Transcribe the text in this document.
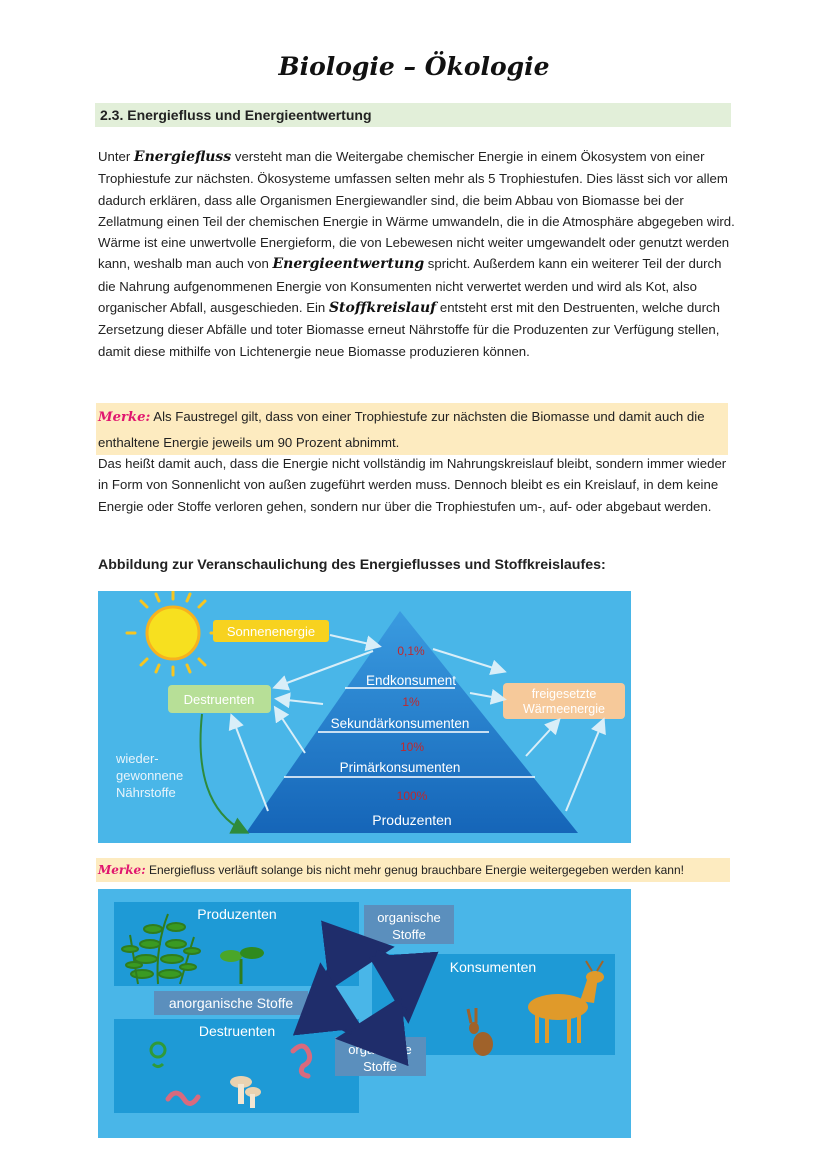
Biologie – Ökologie
2.3. Energiefluss und Energieentwertung
Unter Energiefluss versteht man die Weitergabe chemischer Energie in einem Ökosystem von einer Trophiestufe zur nächsten. Ökosysteme umfassen selten mehr als 5 Trophiestufen. Dies lässt sich vor allem dadurch erklären, dass alle Organismen Energiewandler sind, die beim Abbau von Biomasse bei der Zellatmung einen Teil der chemischen Energie in Wärme umwandeln, die in die Atmosphäre abgegeben wird. Wärme ist eine unwertvolle Energieform, die von Lebewesen nicht weiter umgewandelt oder genutzt werden kann, weshalb man auch von Energieentwertung spricht. Außerdem kann ein weiterer Teil der durch die Nahrung aufgenommenen Energie von Konsumenten nicht verwertet werden und wird als Kot, also organischer Abfall, ausgeschieden. Ein Stoffkreislauf entsteht erst mit den Destruenten, welche durch Zersetzung dieser Abfälle und toter Biomasse erneut Nährstoffe für die Produzenten zur Verfügung stellen, damit diese mithilfe von Lichtenergie neue Biomasse produzieren können.
Merke: Als Faustregel gilt, dass von einer Trophiestufe zur nächsten die Biomasse und damit auch die enthaltene Energie jeweils um 90 Prozent abnimmt.
Das heißt damit auch, dass die Energie nicht vollständig im Nahrungskreislauf bleibt, sondern immer wieder in Form von Sonnenlicht von außen zugeführt werden muss. Dennoch bleibt es ein Kreislauf, in dem keine Energie oder Stoffe verloren gehen, sondern nur über die Trophiestufen um-, auf- oder abgebaut werden.
Abbildung zur Veranschaulichung des Energieflusses und Stoffkreislaufes:
Sonnenenergie
Destruenten	freigesetzte
Wärmeenergie
wieder-
gewonnene
Nährstoffe
0,1%
Endkonsument
1%
Sekundärkonsumenten
10%
Primärkonsumenten
100%
Produzenten
Merke: Energiefluss verläuft solange bis nicht mehr genug brauchbare Energie weitergegeben werden kann!
Produzenten	organische
Stoffe
Konsumenten
anorganische Stoffe
Destruenten
organische
Stoffe
